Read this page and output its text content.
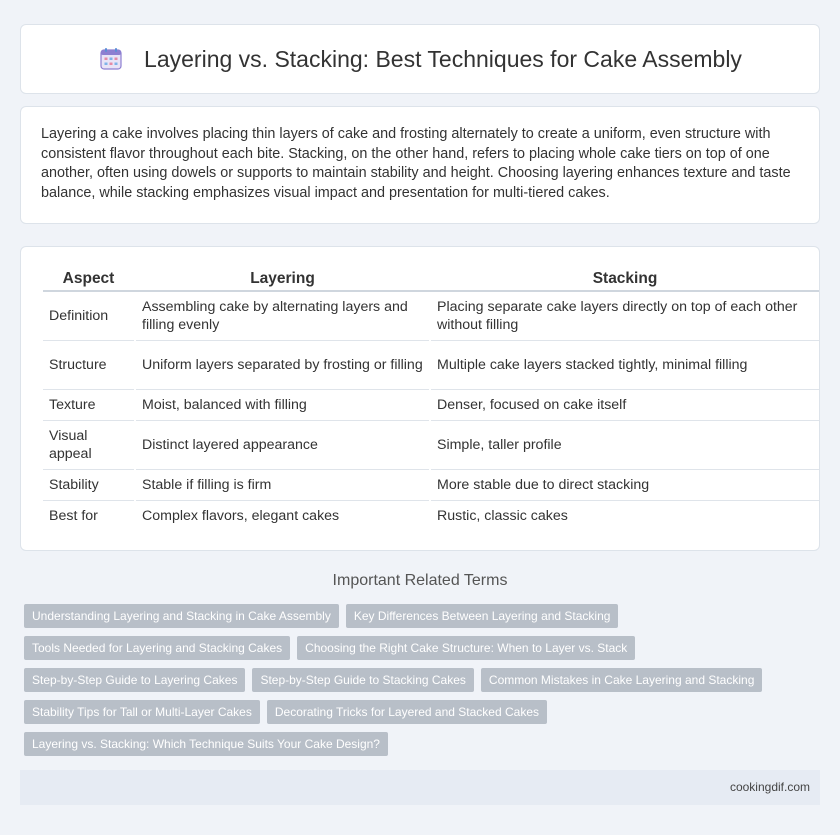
Layering vs. Stacking: Best Techniques for Cake Assembly

Layering a cake involves placing thin layers of cake and frosting alternately to create a uniform, even structure with consistent flavor throughout each bite. Stacking, on the other hand, refers to placing whole cake tiers on top of one another, often using dowels or supports to maintain stability and height. Choosing layering enhances texture and taste balance, while stacking emphasizes visual impact and presentation for multi-tiered cakes.

Aspect	Layering	Stacking
Definition	Assembling cake by alternating layers and filling evenly	Placing separate cake layers directly on top of each other without filling
Structure	Uniform layers separated by frosting or filling	Multiple cake layers stacked tightly, minimal filling
Texture	Moist, balanced with filling	Denser, focused on cake itself
Visual appeal	Distinct layered appearance	Simple, taller profile
Stability	Stable if filling is firm	More stable due to direct stacking
Best for	Complex flavors, elegant cakes	Rustic, classic cakes
Important Related Terms
Understanding Layering and Stacking in Cake Assembly	Key Differences Between Layering and Stacking
Tools Needed for Layering and Stacking Cakes	Choosing the Right Cake Structure: When to Layer vs. Stack
Step-by-Step Guide to Layering Cakes	Step-by-Step Guide to Stacking Cakes	Common Mistakes in Cake Layering and Stacking
Stability Tips for Tall or Multi-Layer Cakes	Decorating Tricks for Layered and Stacked Cakes
Layering vs. Stacking: Which Technique Suits Your Cake Design?
cookingdif.com
